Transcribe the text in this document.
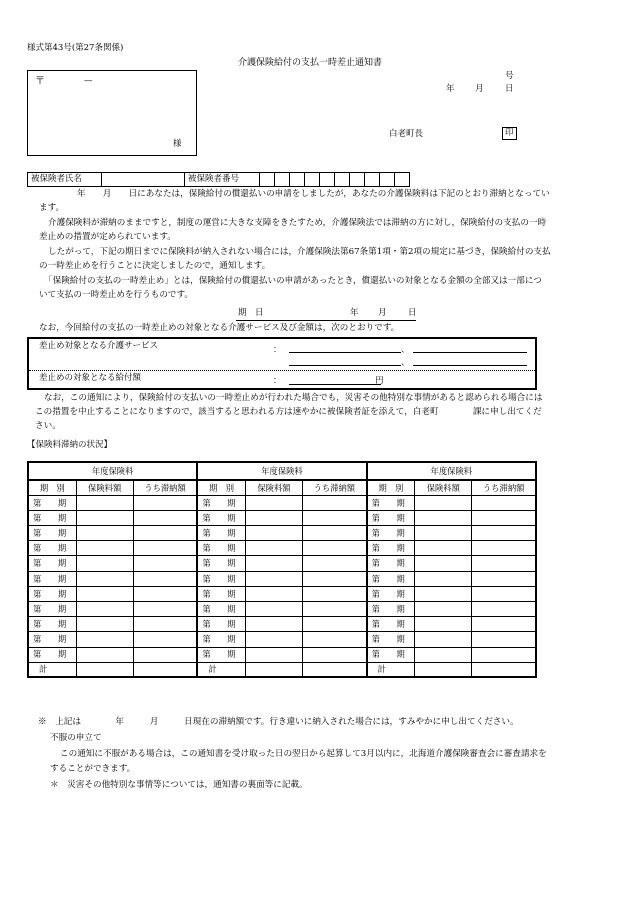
様式第43号(第27条関係)
介護保険給付の支払一時差止通知書
号
年 月	日
〒	—
様
白老町長	印
被保険者氏名		被保険者番号										
年　　月　　日にあなたは，保険給付の償還払いの申請をしましたが，あなたの介護保険料は下記のとおり滞納となってい
ます。
介護保険料が滞納のままですと，制度の運営に大きな支障をきたすため，介護保険法では滞納の方に対し，保険給付の支払の一時
差止めの措置が定められています。
したがって，下記の期日までに保険料が納入されない場合には，介護保険法第67条第1項・第2項の規定に基づき，保険給付の支払
の一時差止めを行うことに決定しましたので，通知します。
「保険給付の支払の一時差止め」とは，保険給付の償還払いの申請があったとき，償還払いの対象となる金額の全部又は一部につ
いて支払の一時差止めを行うものです。
期　日	年 月	日
なお，今回給付の支払の一時差止めの対象となる介護サービス及び金額は，次のとおりです。
差止め対象となる介護サービス	：	、
、
差止めの対象となる給付額	：	円
なお，この通知により，保険給付の支払いの一時差止めが行われた場合でも，災害その他特別な事情があると認められる場合には
この措置を中止することになりますので，該当すると思われる方は速やかに被保険者証を添えて，白老町　　　　課に申し出てくだ
さい。
【保険料滞納の状況】
年度保険料			年度保険料			年度保険料		
期　別	保険料額	うち滞納額	期　別	保険料額	うち滞納額	期　別	保険料額	うち滞納額
第　　期			第　　期			第　　期		
第　　期			第　　期			第　　期		
第　　期			第　　期			第　　期		
第　　期			第　　期			第　　期		
第　　期			第　　期			第　　期		
第　　期			第　　期			第　　期		
第　　期			第　　期			第　　期		
第　　期			第　　期			第　　期		
第　　期			第　　期			第　　期		
第　　期			第　　期			第　　期		
第　　期			第　　期			第　　期		
計			計			計		
※　上記は　　　　年　　　月　　　日現在の滞納額です。行き違いに納入された場合には，すみやかに申し出てください。
不服の申立て
この通知に不服がある場合は，この通知書を受け取った日の翌日から起算して3月以内に，北海道介護保険審査会に審査請求を
することができます。
＊　災害その他特別な事情等については，通知書の裏面等に記載。
